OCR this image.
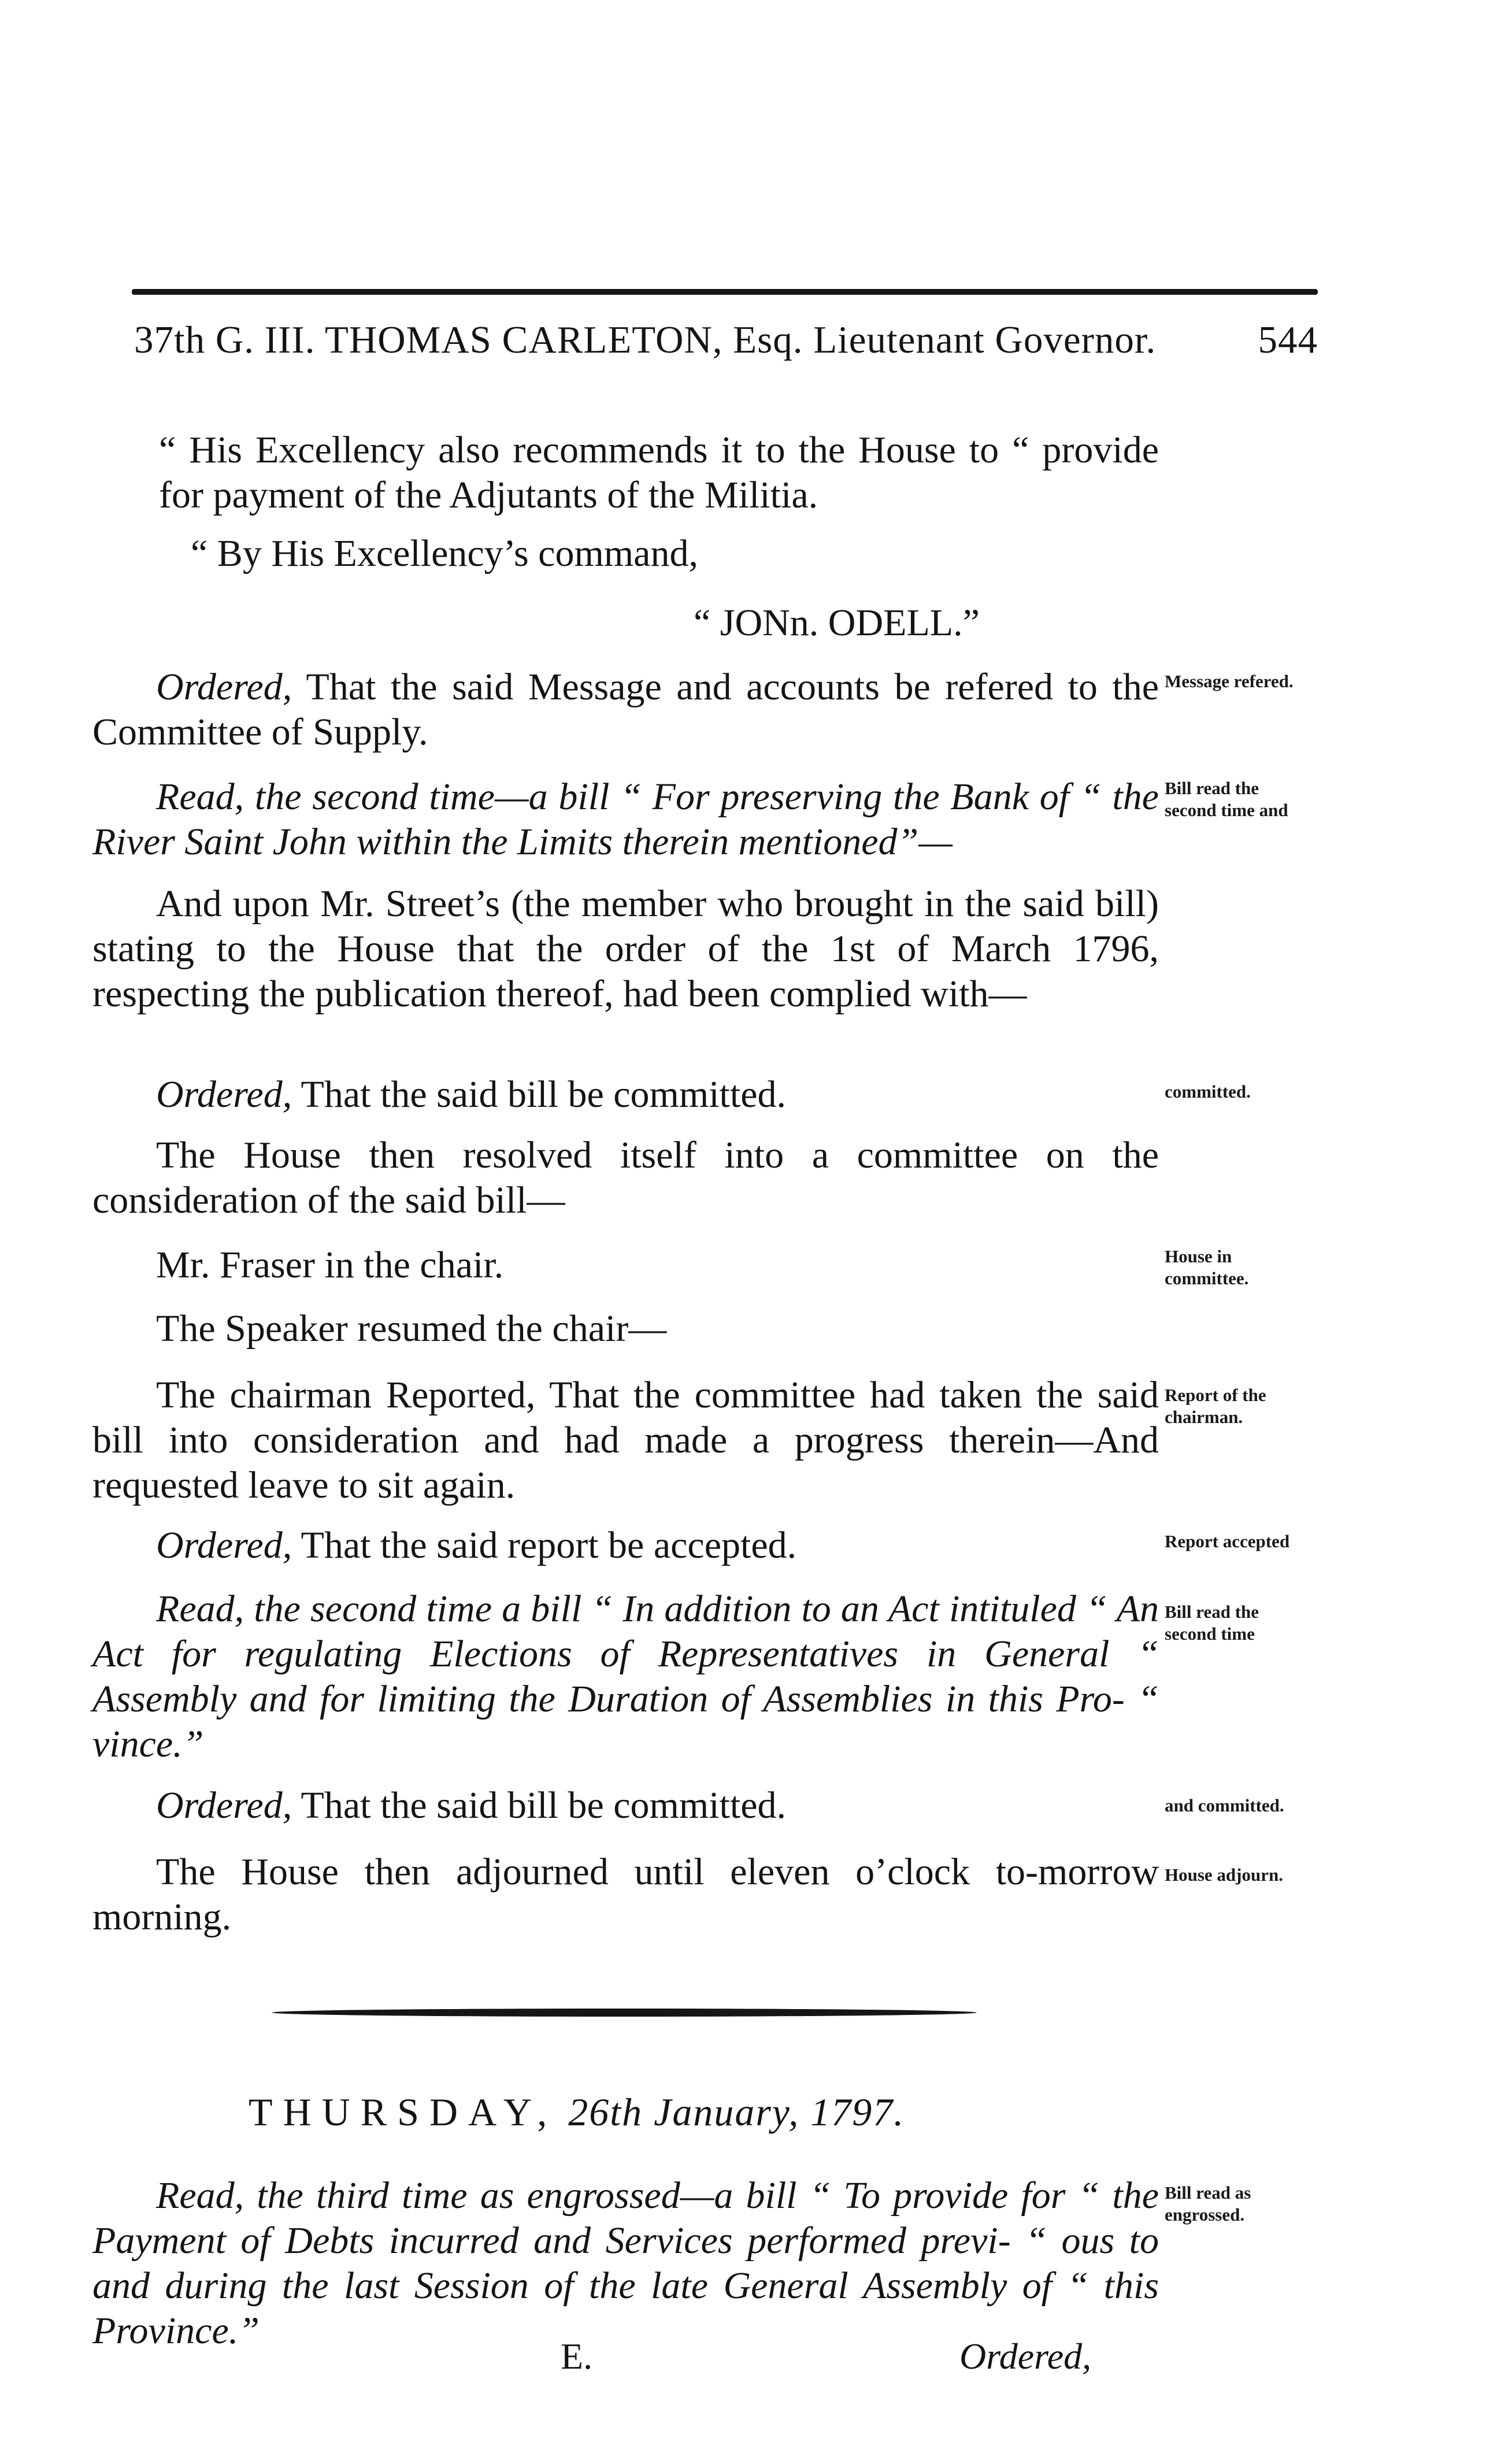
37th G. III. THOMAS CARLETON, Esq. Lieutenant Governor.	544
“ His Excellency also recommends it to the House to “ provide for payment of the Adjutants of the Militia.
“ By His Excellency’s command,
“ JONn. ODELL.”
Ordered, That the said Message and accounts be refered to the Committee of Supply.
Read, the second time—a bill “ For preserving the Bank of “ the River Saint John within the Limits therein mentioned”—
And upon Mr. Street’s (the member who brought in the said bill) stating to the House that the order of the 1st of March 1796, respecting the publication thereof, had been complied with—
Ordered, That the said bill be committed.
The House then resolved itself into a committee on the consideration of the said bill—
Mr. Fraser in the chair.
The Speaker resumed the chair—
The chairman Reported, That the committee had taken the said bill into consideration and had made a progress therein—And requested leave to sit again.
Ordered, That the said report be accepted.
Read, the second time a bill “ In addition to an Act intituled “ An Act for regulating Elections of Representatives in General “ Assembly and for limiting the Duration of Assemblies in this Pro- “ vince.”
Ordered, That the said bill be committed.
The House then adjourned until eleven o’clock to-morrow morning.
THURSDAY, 26th January, 1797.
Read, the third time as engrossed—a bill “ To provide for “ the Payment of Debts incurred and Services performed previ- “ ous to and during the last Session of the late General Assembly of “ this Province.”
E.	Ordered,
Message refered.
Bill read the second time and
committed.
House in committee.
Report of the chairman.
Report accepted
Bill read the second time
and committed.
House adjourn.
Bill read as engrossed.
